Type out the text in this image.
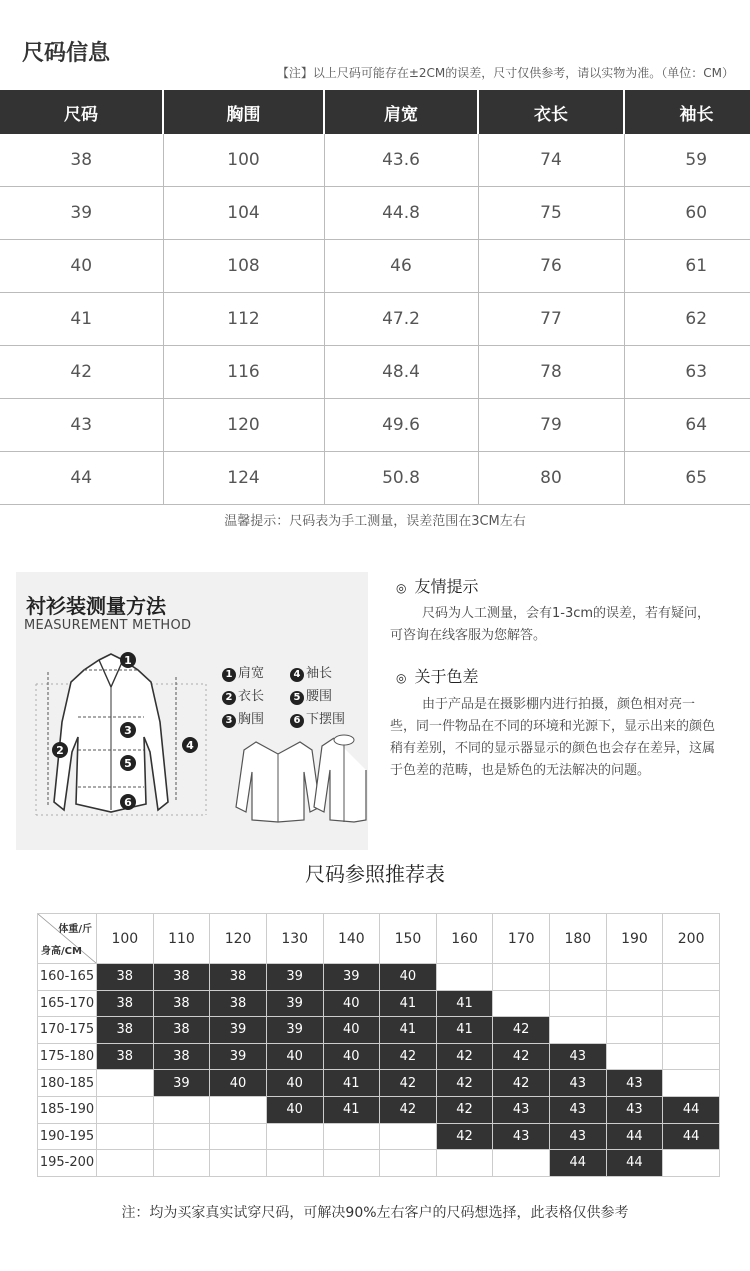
尺码信息
【注】以上尺码可能存在±2CM的误差，尺寸仅供参考，请以实物为准。（单位：CM）
尺码	胸围	肩宽	衣长	袖长
38	100	43.6	74	59
39	104	44.8	75	60
40	108	46	76	61
41	112	47.2	77	62
42	116	48.4	78	63
43	120	49.6	79	64
44	124	50.8	80	65
温馨提示：尺码表为手工测量，误差范围在3CM左右
衬衫装测量方法
MEASUREMENT METHOD
1
2
3
4
5
6
1 肩宽	4 袖长
2 衣长	5 腰围
3 胸围	6 下摆围
◎ 友情提示
尺码为人工测量，会有1-3cm的误差，若有疑问，可咨询在线客服为您解答。
◎ 关于色差
由于产品是在摄影棚内进行拍摄，颜色相对亮一些，同一件物品在不同的环境和光源下，显示出来的颜色稍有差别，不同的显示器显示的颜色也会存在差异，这属于色差的范畴，也是矫色的无法解决的问题。
尺码参照推荐表
体重/斤
身高/CM	100	110	120	130	140	150	160	170	180	190	200
160-165	38	38	38	39	39	40					
165-170	38	38	38	39	40	41	41				
170-175	38	38	39	39	40	41	41	42			
175-180	38	38	39	40	40	42	42	42	43		
180-185		39	40	40	41	42	42	42	43	43	
185-190				40	41	42	42	43	43	43	44
190-195							42	43	43	44	44
195-200									44	44	
注：均为买家真实试穿尺码，可解决90%左右客户的尺码想选择，此表格仅供参考
